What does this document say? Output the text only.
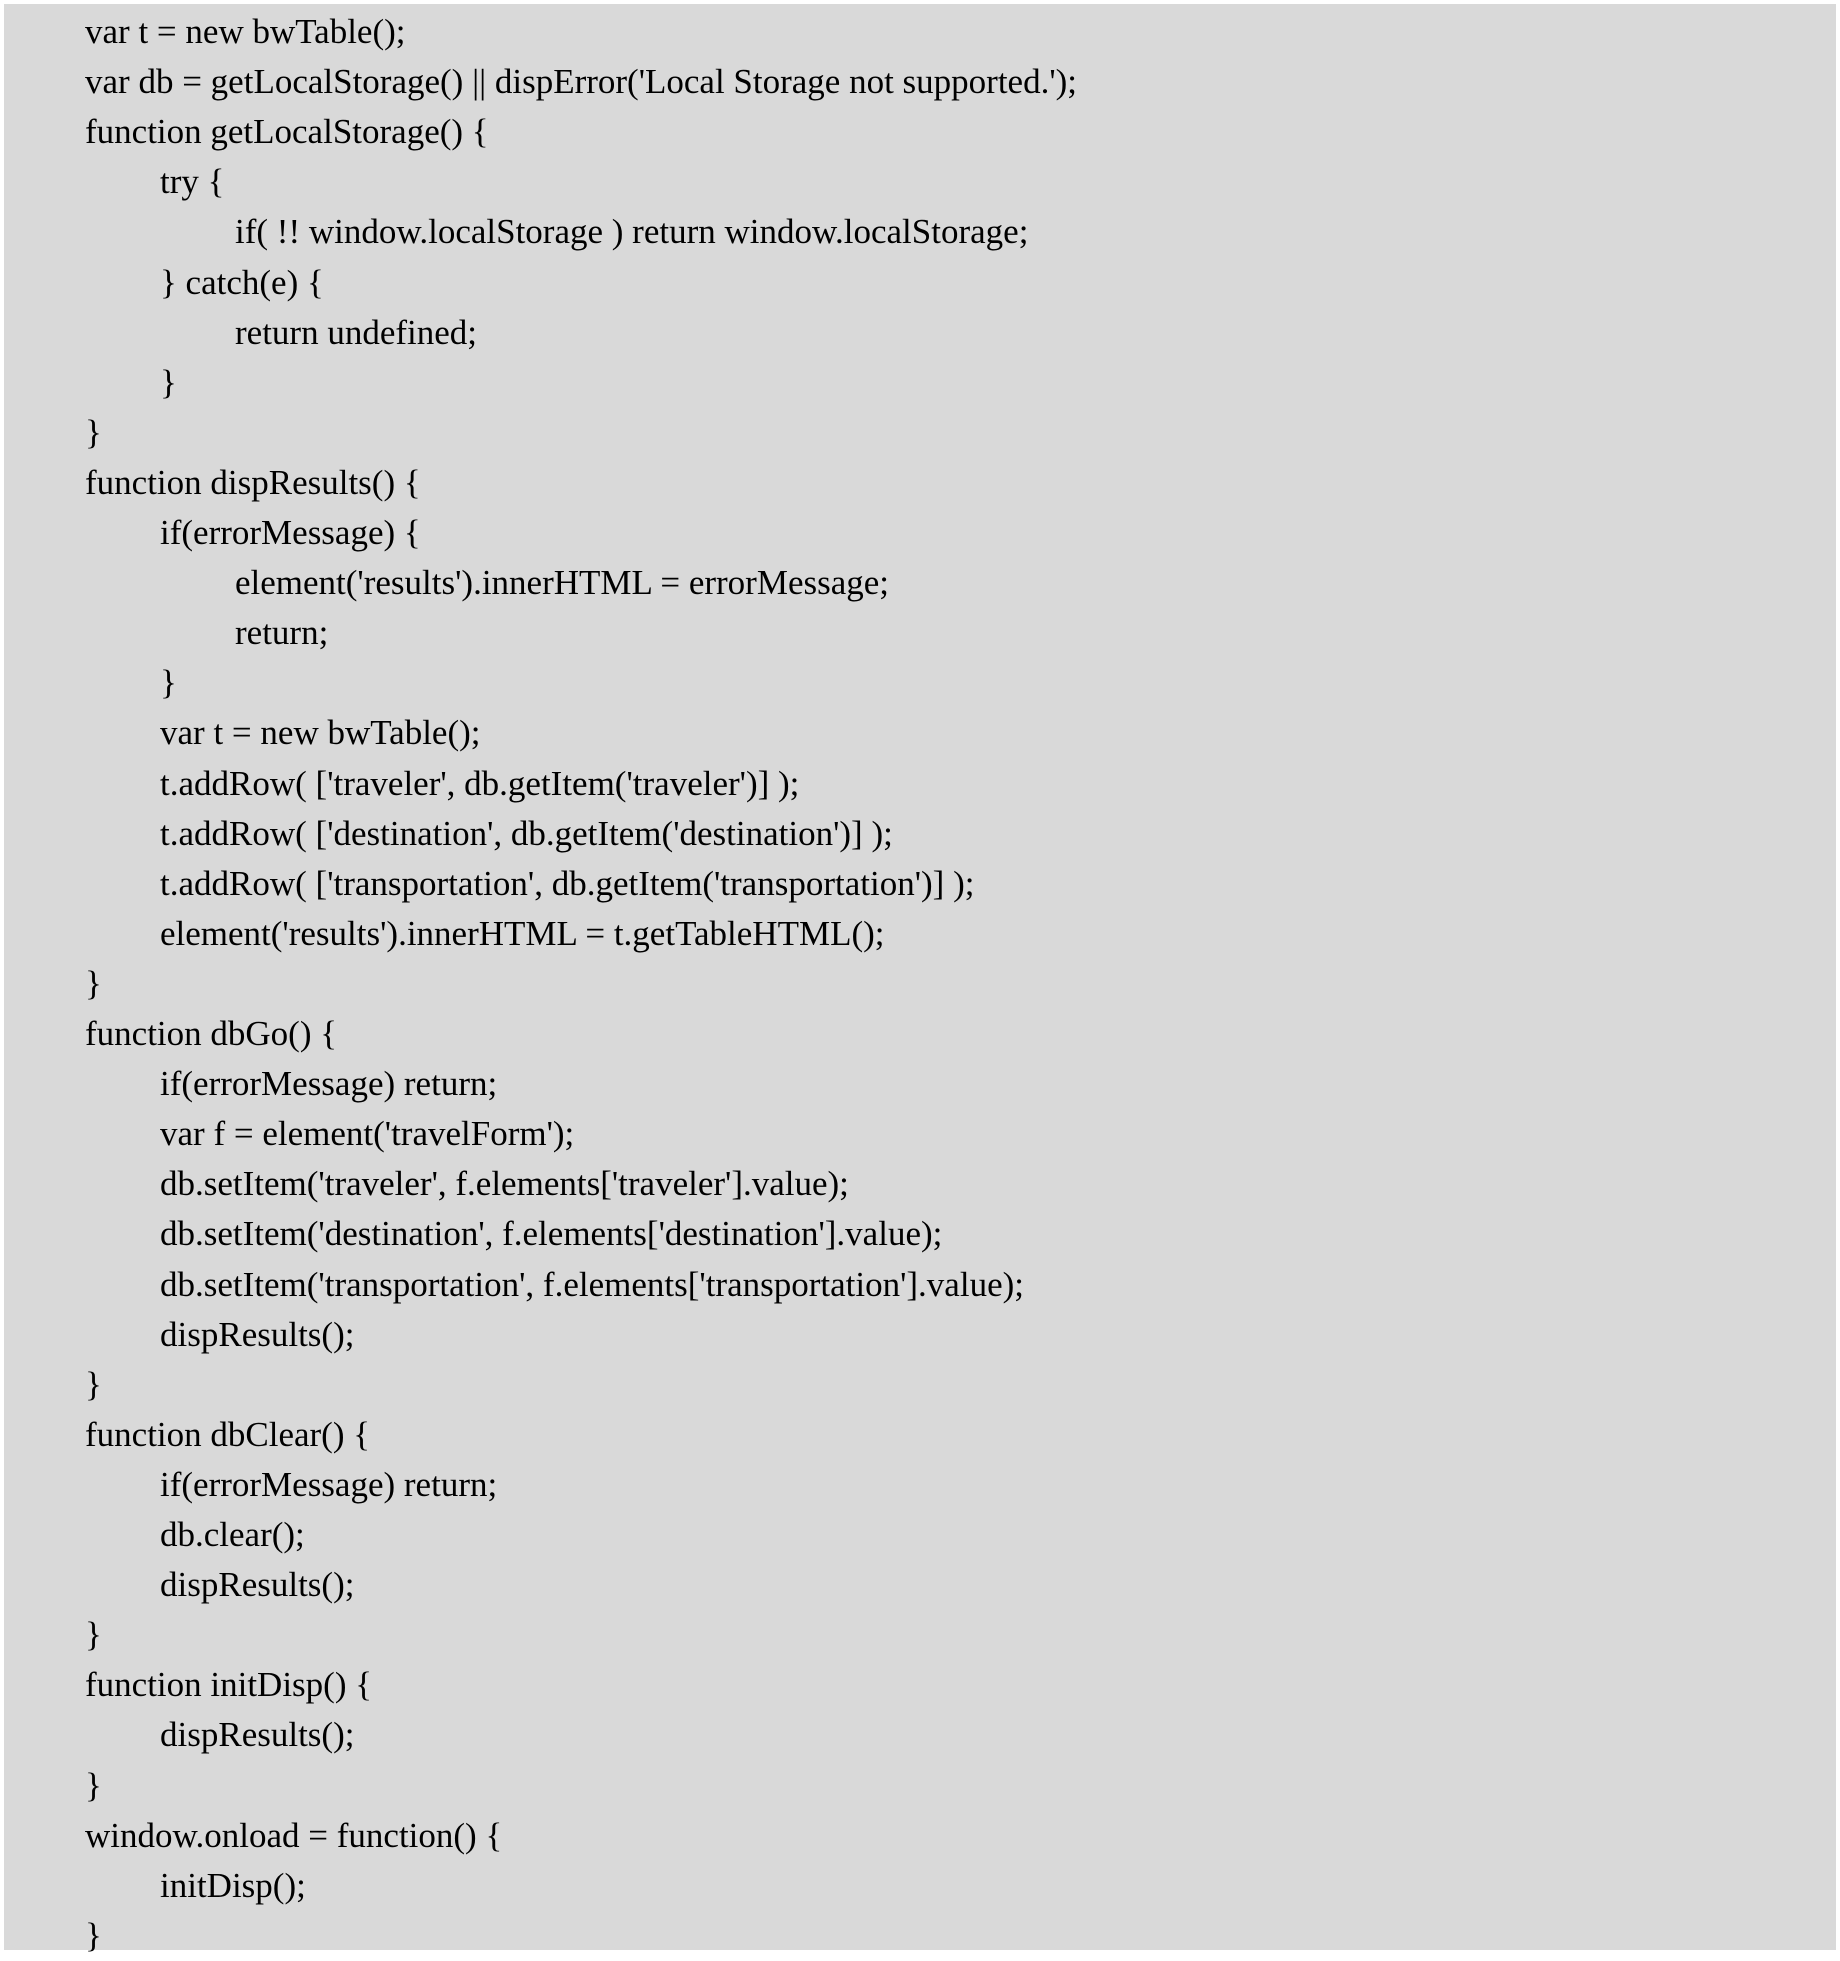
var t = new bwTable();
var db = getLocalStorage() || dispError('Local Storage not supported.');
function getLocalStorage() {
try {
if( !! window.localStorage ) return window.localStorage;
} catch(e) {
return undefined;
}
}
function dispResults() {
if(errorMessage) {
element('results').innerHTML = errorMessage;
return;
}
var t = new bwTable();
t.addRow( ['traveler', db.getItem('traveler')] );
t.addRow( ['destination', db.getItem('destination')] );
t.addRow( ['transportation', db.getItem('transportation')] );
element('results').innerHTML = t.getTableHTML();
}
function dbGo() {
if(errorMessage) return;
var f = element('travelForm');
db.setItem('traveler', f.elements['traveler'].value);
db.setItem('destination', f.elements['destination'].value);
db.setItem('transportation', f.elements['transportation'].value);
dispResults();
}
function dbClear() {
if(errorMessage) return;
db.clear();
dispResults();
}
function initDisp() {
dispResults();
}
window.onload = function() {
initDisp();
}
